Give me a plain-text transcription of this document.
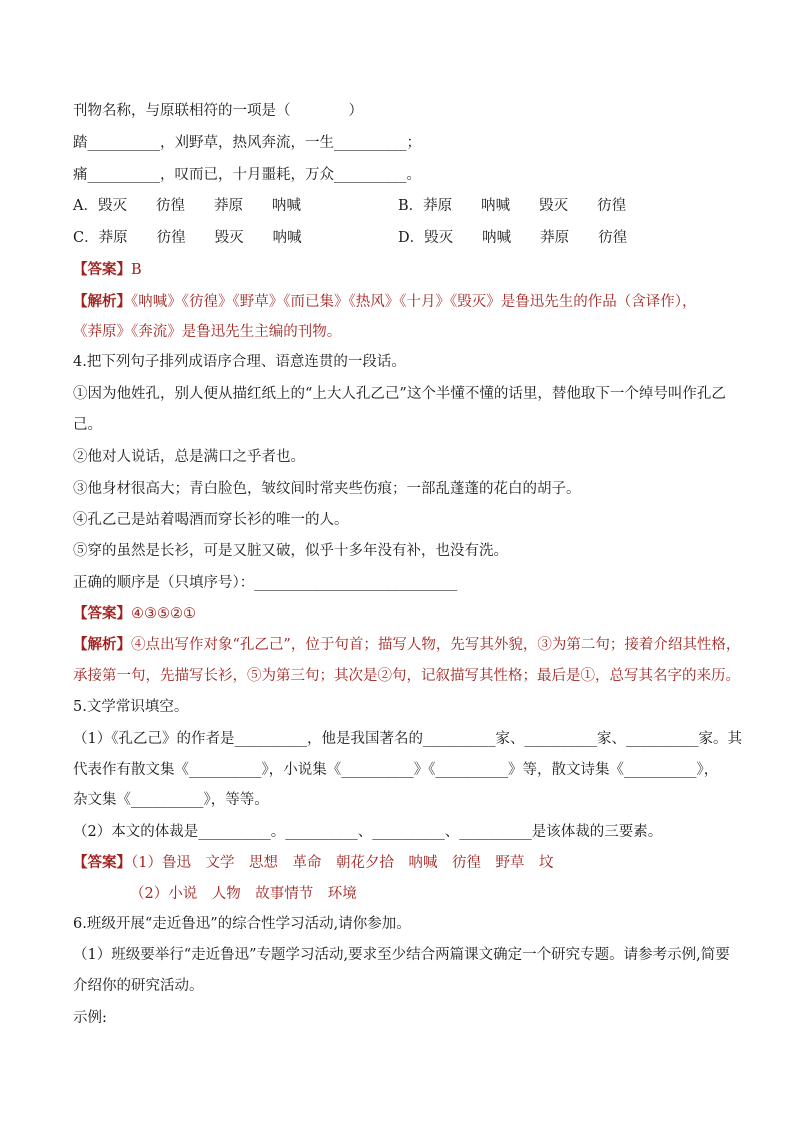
刊物名称，与原联相符的一项是（　　　　）
踏__________，刈野草，热风奔流，一生__________；
痛__________，叹而已，十月噩耗，万众__________。
A．毁灭　　彷徨　　莽原　　呐喊	B．莽原　　呐喊　　毁灭　　彷徨
C．莽原　　彷徨　　毁灭　　呐喊	D．毁灭　　呐喊　　莽原　　彷徨
【答案】B
【解析】《呐喊》《彷徨》《野草》《而已集》《热风》《十月》《毁灭》是鲁迅先生的作品（含译作），
《莽原》《奔流》是鲁迅先生主编的刊物。
4.把下列句子排列成语序合理、语意连贯的一段话。
①因为他姓孔，别人便从描红纸上的“上大人孔乙己”这个半懂不懂的话里，替他取下一个绰号叫作孔乙
己。
②他对人说话，总是满口之乎者也。
③他身材很高大；青白脸色，皱纹间时常夹些伤痕；一部乱蓬蓬的花白的胡子。
④孔乙己是站着喝酒而穿长衫的唯一的人。
⑤穿的虽然是长衫，可是又脏又破，似乎十多年没有补，也没有洗。
正确的顺序是（只填序号）：____________________________
【答案】④③⑤②①
【解析】④点出写作对象“孔乙己”，位于句首；描写人物，先写其外貌，③为第二句；接着介绍其性格，
承接第一句，先描写长衫，⑤为第三句；其次是②句，记叙描写其性格；最后是①，总写其名字的来历。
5.文学常识填空。
（1）《孔乙己》的作者是__________，他是我国著名的__________家、__________家、__________家。其
代表作有散文集《__________》，小说集《__________》《__________》等，散文诗集《__________》，
杂文集《__________》，等等。
（2）本文的体裁是__________。__________、__________、__________是该体裁的三要素。
【答案】（1）鲁迅　文学　思想　革命　朝花夕拾　呐喊　彷徨　野草　坟
（2）小说　人物　故事情节　环境
6.班级开展“走近鲁迅”的综合性学习活动,请你参加。
（1）班级要举行“走近鲁迅”专题学习活动,要求至少结合两篇课文确定一个研究专题。请参考示例,简要
介绍你的研究活动。
示例:
